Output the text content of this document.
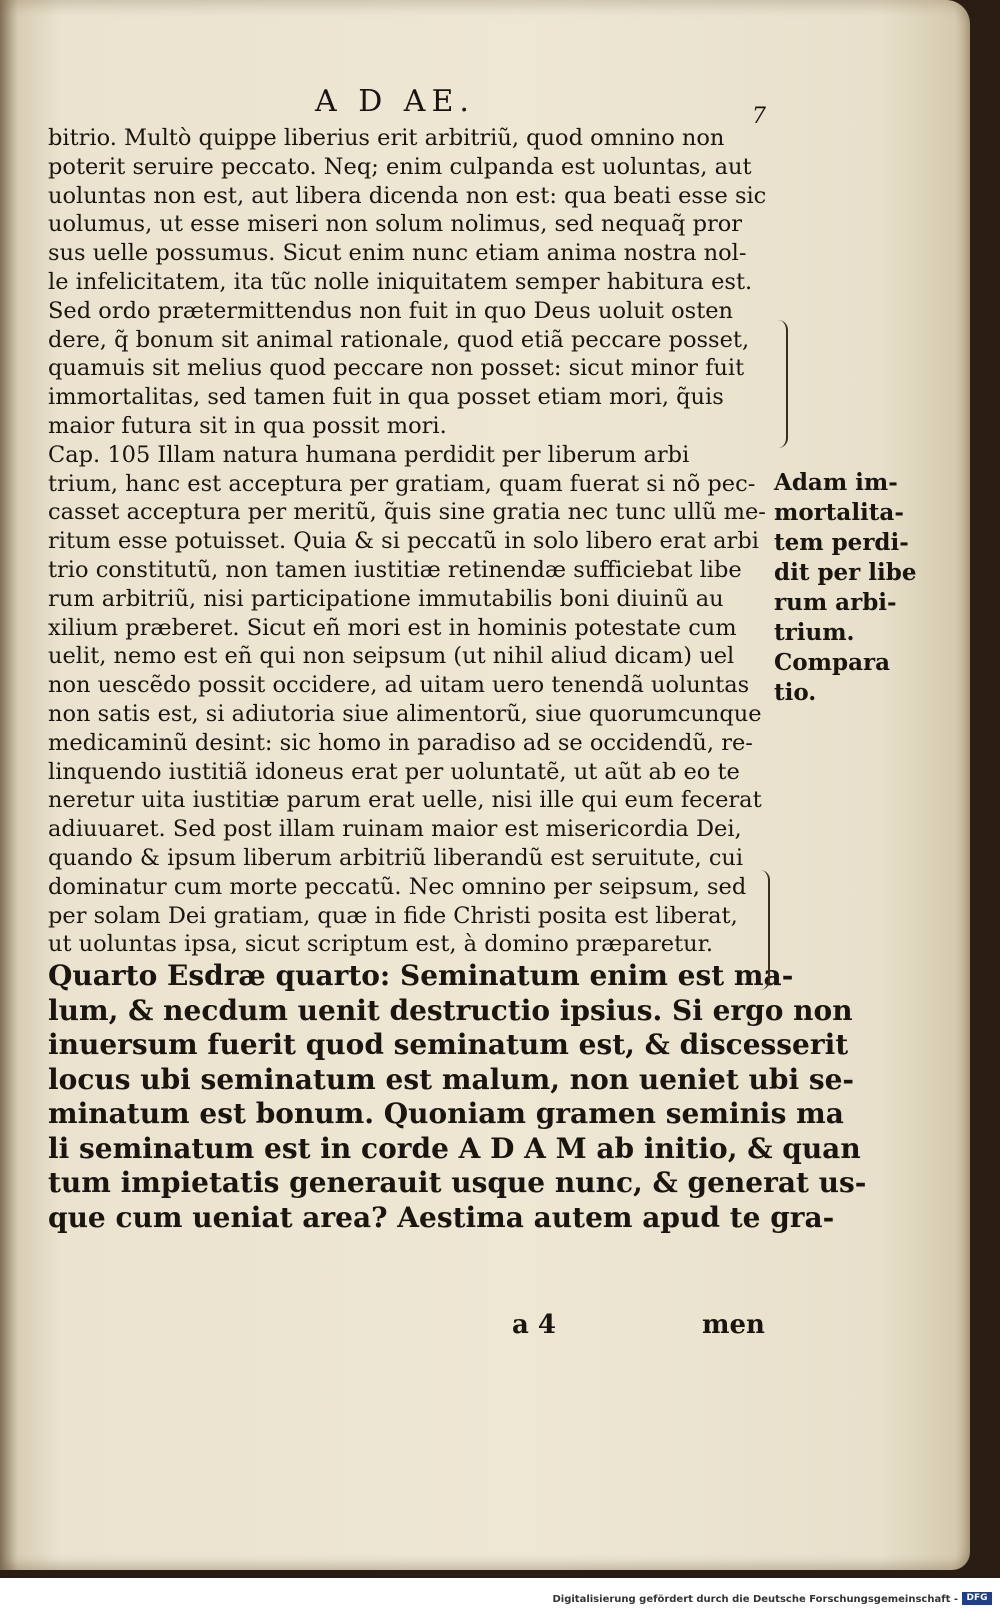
A D AE.	7
bitrio. Multò quippe liberius erit arbitriũ, quod omnino non
poterit seruire peccato. Neq; enim culpanda est uoluntas, aut
uoluntas non est, aut libera dicenda non est: qua beati esse sic
uolumus, ut esse miseri non solum nolimus, sed nequaq̃ pror
sus uelle possumus. Sicut enim nunc etiam anima nostra nol-
le infelicitatem, ita tũc nolle iniquitatem semper habitura est.
Sed ordo prætermittendus non fuit in quo Deus uoluit osten
dere, q̃ bonum sit animal rationale, quod etiã peccare posset,
quamuis sit melius quod peccare non posset: sicut minor fuit
immortalitas, sed tamen fuit in qua posset etiam mori, q̃uis
maior futura sit in qua possit mori.
Cap. 105 Illam natura humana perdidit per liberum arbi
trium, hanc est acceptura per gratiam, quam fuerat si nõ pec-
casset acceptura per meritũ, q̃uis sine gratia nec tunc ullũ me-
ritum esse potuisset. Quia & si peccatũ in solo libero erat arbi
trio constitutũ, non tamen iustitiæ retinendæ sufficiebat libe
rum arbitriũ, nisi participatione immutabilis boni diuinũ au
xilium præberet. Sicut eñ mori est in hominis potestate cum
uelit, nemo est eñ qui non seipsum (ut nihil aliud dicam) uel
non uescẽdo possit occidere, ad uitam uero tenendã uoluntas
non satis est, si adiutoria siue alimentorũ, siue quorumcunque
medicaminũ desint: sic homo in paradiso ad se occidendũ, re-
linquendo iustitiã idoneus erat per uoluntatẽ, ut aũt ab eo te
neretur uita iustitiæ parum erat uelle, nisi ille qui eum fecerat
adiuuaret. Sed post illam ruinam maior est misericordia Dei,
quando & ipsum liberum arbitriũ liberandũ est seruitute, cui
dominatur cum morte peccatũ. Nec omnino per seipsum, sed
per solam Dei gratiam, quæ in fide Christi posita est liberat,
ut uoluntas ipsa, sicut scriptum est, à domino præparetur.
Quarto Esdræ quarto: Seminatum enim est ma-
lum, & necdum uenit destructio ipsius. Si ergo non
inuersum fuerit quod seminatum est, & discesserit
locus ubi seminatum est malum, non ueniet ubi se-
minatum est bonum. Quoniam gramen seminis ma
li seminatum est in corde A D A M ab initio, & quan
tum impietatis generauit usque nunc, & generat us-
que cum ueniat area? Aestima autem apud te gra-
Adam im-
mortalita-
tem perdi-
dit per libe
rum arbi-
trium.
Compara
tio.
a 4	men
Digitalisierung gefördert durch die Deutsche Forschungsgemeinschaft - DFG
